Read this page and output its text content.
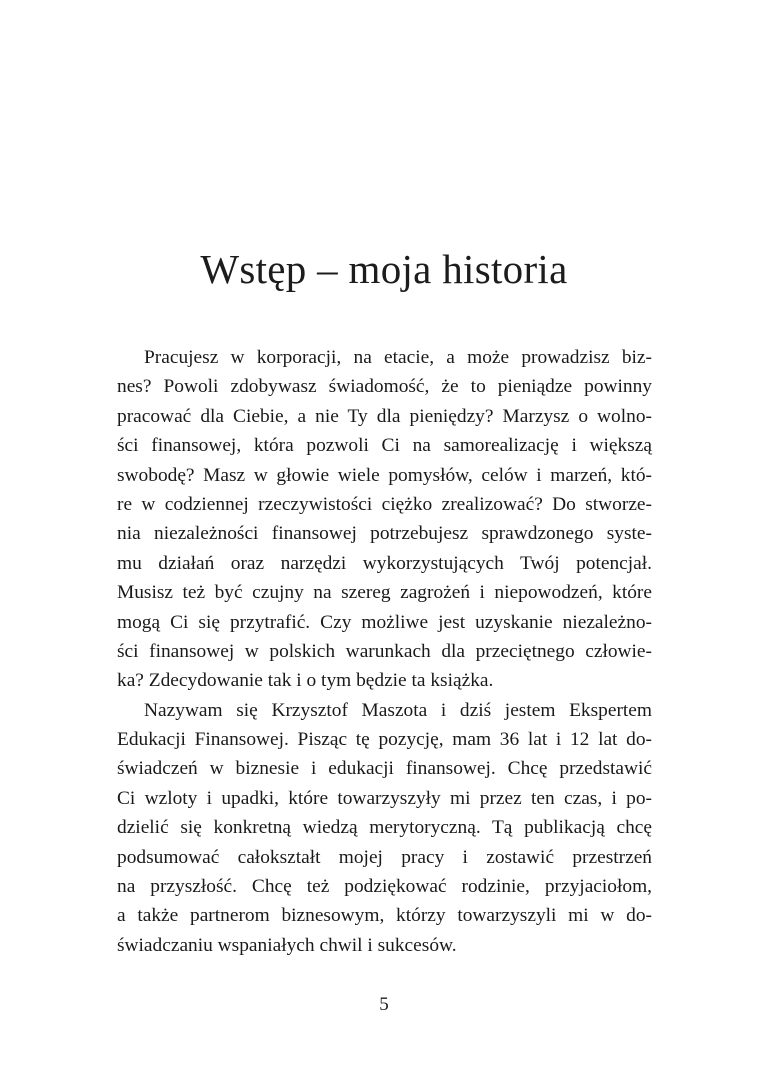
Wstęp – moja historia
Pracujesz w korporacji, na etacie, a może prowadzisz biz-
nes? Powoli zdobywasz świadomość, że to pieniądze powinny
pracować dla Ciebie, a nie Ty dla pieniędzy? Marzysz o wolno-
ści finansowej, która pozwoli Ci na samorealizację i większą
swobodę? Masz w głowie wiele pomysłów, celów i marzeń, któ-
re w codziennej rzeczywistości ciężko zrealizować? Do stworze-
nia niezależności finansowej potrzebujesz sprawdzonego syste-
mu działań oraz narzędzi wykorzystujących Twój potencjał.
Musisz też być czujny na szereg zagrożeń i niepowodzeń, które
mogą Ci się przytrafić. Czy możliwe jest uzyskanie niezależno-
ści finansowej w polskich warunkach dla przeciętnego człowie-
ka? Zdecydowanie tak i o tym będzie ta książka.
Nazywam się Krzysztof Maszota i dziś jestem Ekspertem
Edukacji Finansowej. Pisząc tę pozycję, mam 36 lat i 12 lat do-
świadczeń w biznesie i edukacji finansowej. Chcę przedstawić
Ci wzloty i upadki, które towarzyszyły mi przez ten czas, i po-
dzielić się konkretną wiedzą merytoryczną. Tą publikacją chcę
podsumować całokształt mojej pracy i zostawić przestrzeń
na przyszłość. Chcę też podziękować rodzinie, przyjaciołom,
a także partnerom biznesowym, którzy towarzyszyli mi w do-
świadczaniu wspaniałych chwil i sukcesów.
5
